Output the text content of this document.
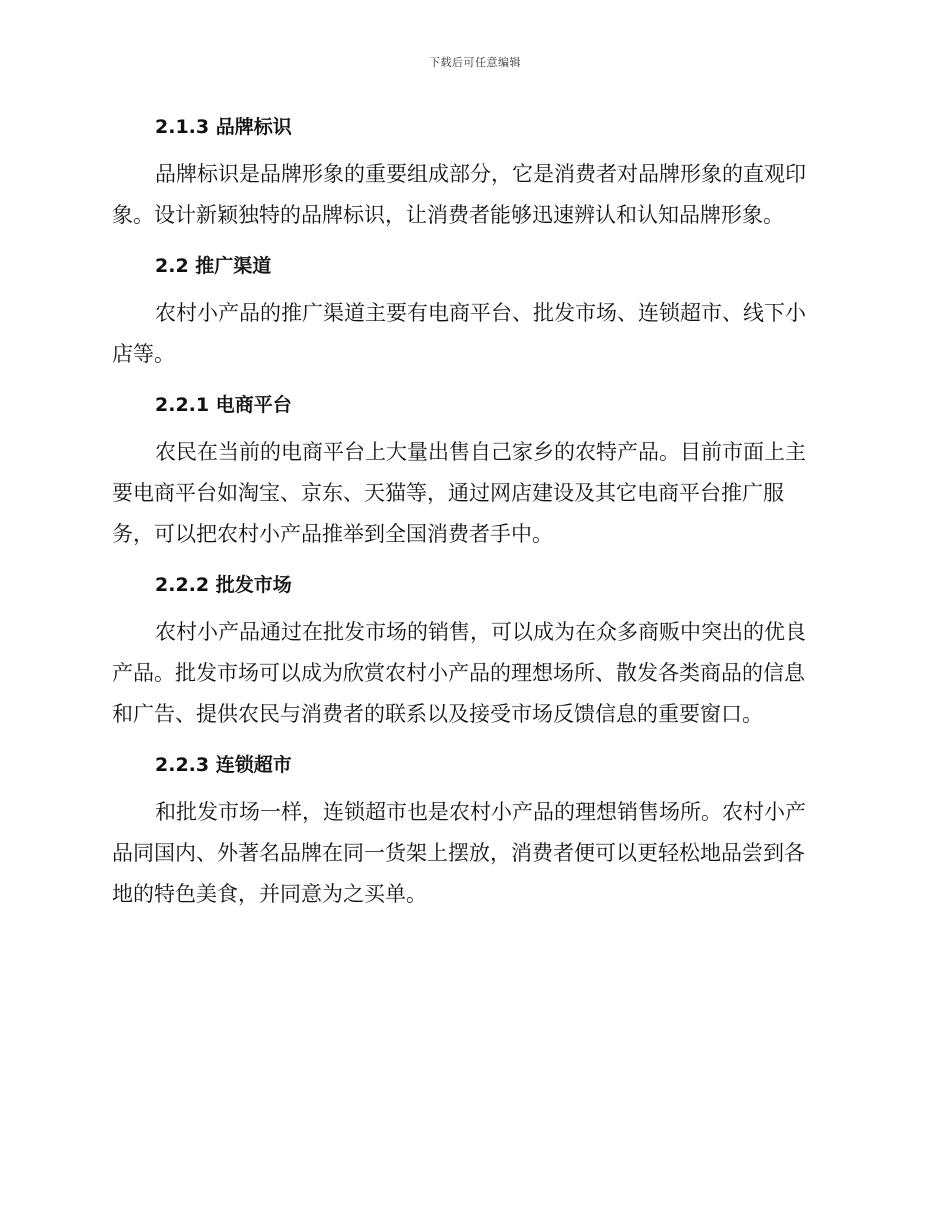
下载后可任意编辑
2.1.3 品牌标识

品牌标识是品牌形象的重要组成部分，它是消费者对品牌形象的直观印
象。设计新颖独特的品牌标识，让消费者能够迅速辨认和认知品牌形象。

2.2 推广渠道

农村小产品的推广渠道主要有电商平台、批发市场、连锁超市、线下小
店等。

2.2.1 电商平台

农民在当前的电商平台上大量出售自己家乡的农特产品。目前市面上主
要电商平台如淘宝、京东、天猫等，通过网店建设及其它电商平台推广服
务，可以把农村小产品推举到全国消费者手中。

2.2.2 批发市场

农村小产品通过在批发市场的销售，可以成为在众多商贩中突出的优良
产品。批发市场可以成为欣赏农村小产品的理想场所、散发各类商品的信息
和广告、提供农民与消费者的联系以及接受市场反馈信息的重要窗口。

2.2.3 连锁超市

和批发市场一样，连锁超市也是农村小产品的理想销售场所。农村小产
品同国内、外著名品牌在同一货架上摆放，消费者便可以更轻松地品尝到各
地的特色美食，并同意为之买单。
